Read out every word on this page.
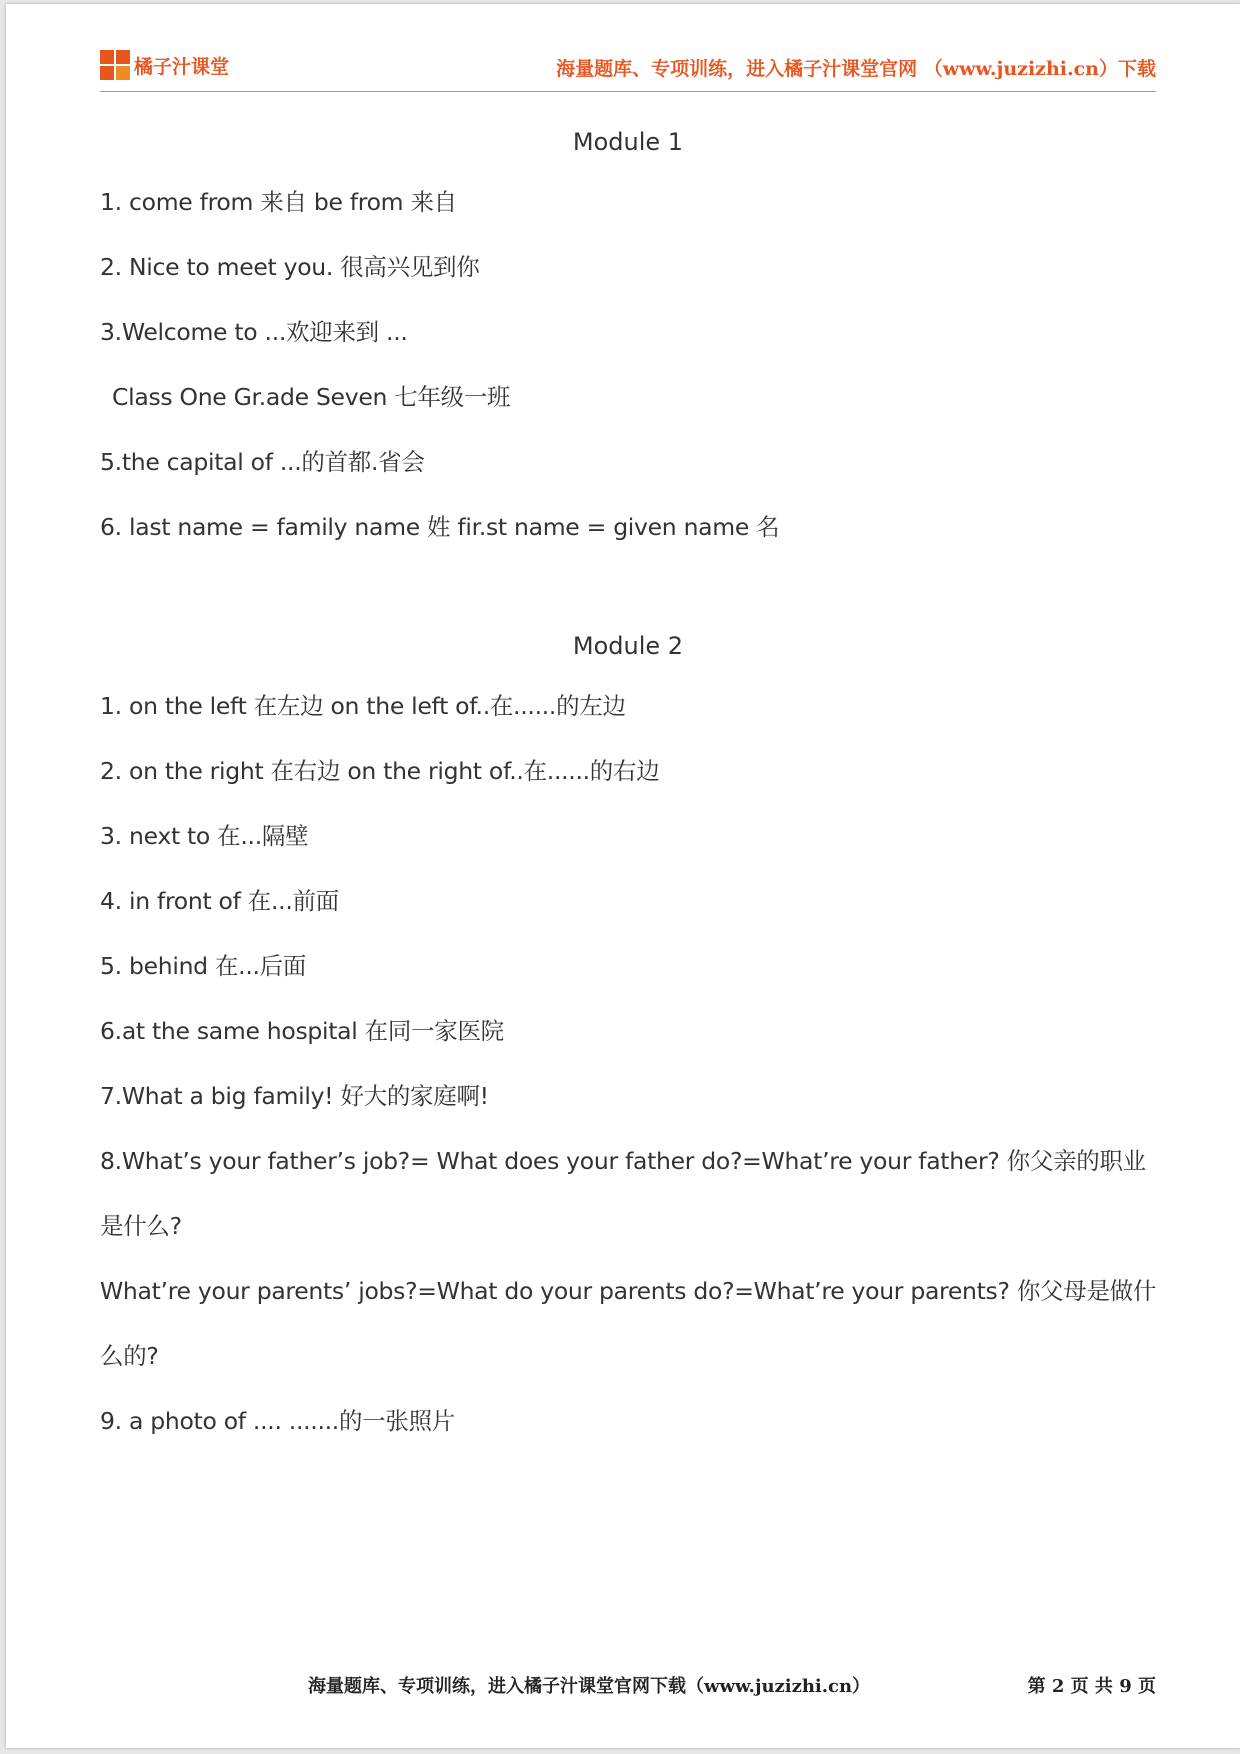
橘子汁课堂	海量题库、专项训练，进入橘子汁课堂官网 （www.juzizhi.cn）下载
Module 1
1. come from 来自 be from 来自
2. Nice to meet you. 很高兴见到你
3.Welcome to ...欢迎来到 ...
Class One Gr.ade Seven 七年级一班
5.the capital of ...的首都.省会
6. last name = family name 姓 fir.st name = given name 名
Module 2
1. on the left 在左边 on the left of..在......的左边
2. on the right 在右边 on the right of..在......的右边
3. next to 在...隔壁
4. in front of 在...前面
5. behind 在...后面
6.at the same hospital 在同一家医院
7.What a big family! 好大的家庭啊!
8.What’s your father’s job?= What does your father do?=What’re your father? 你父亲的职业
是什么?
What’re your parents’ jobs?=What do your parents do?=What’re your parents? 你父母是做什
么的?
9. a photo of .... .......的一张照片
海量题库、专项训练，进入橘子汁课堂官网下载（www.juzizhi.cn）	第 2 页 共 9 页
